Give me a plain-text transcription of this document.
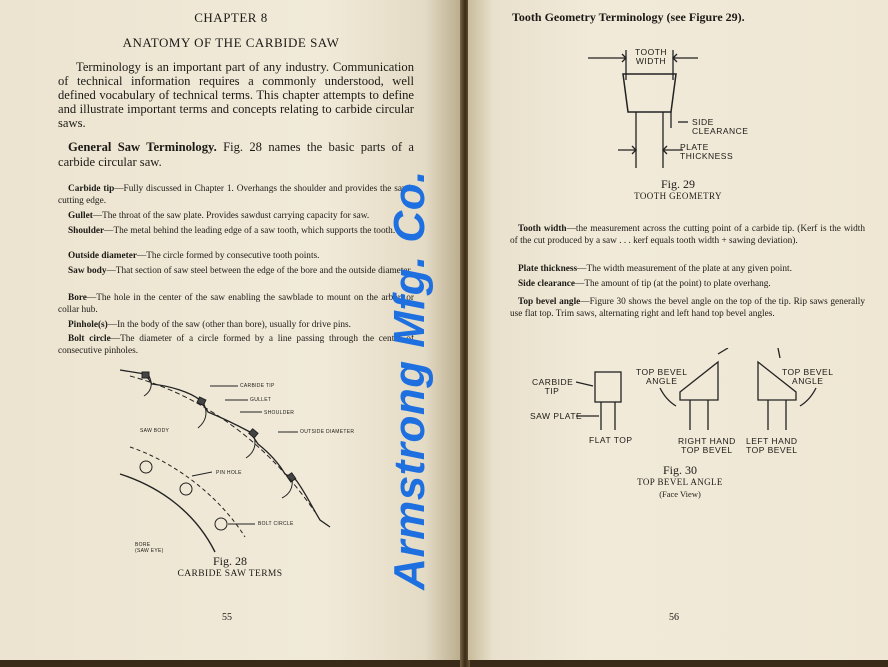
CHAPTER 8
ANATOMY OF THE CARBIDE SAW
Terminology is an important part of any industry. Communication of technical information requires a commonly understood, well defined vocabulary of technical terms. This chapter attempts to define and illustrate important terms and concepts relating to carbide circular saws.
General Saw Terminology. Fig. 28 names the basic parts of a carbide circular saw.
Carbide tip—Fully discussed in Chapter 1. Overhangs the shoulder and provides the saw's cutting edge.
Gullet—The throat of the saw plate. Provides sawdust carrying capacity for saw.
Shoulder—The metal behind the leading edge of a saw tooth, which supports the tooth.
Outside diameter—The circle formed by consecutive tooth points.
Saw body—That section of saw steel between the edge of the bore and the outside diameter.
Bore—The hole in the center of the saw enabling the sawblade to mount on the arbor, or collar hub.
Pinhole(s)—In the body of the saw (other than bore), usually for drive pins.
Bolt circle—The diameter of a circle formed by a line passing through the center of consecutive pinholes.
CARBIDE TIP
GULLET
SHOULDER
OUTSIDE DIAMETER
SAW BODY
PIN HOLE
BOLT CIRCLE
BORE
(SAW EYE)
Fig. 28
CARBIDE SAW TERMS
55
Tooth Geometry Terminology (see Figure 29).
TOOTH
WIDTH
SIDE
CLEARANCE
PLATE
THICKNESS
Fig. 29
TOOTH GEOMETRY
Tooth width—the measurement across the cutting point of a carbide tip. (Kerf is the width of the cut produced by a saw . . . kerf equals tooth width + sawing deviation).
Plate thickness—The width measurement of the plate at any given point.
Side clearance—The amount of tip (at the point) to plate overhang.
Top bevel angle—Figure 30 shows the bevel angle on the top of the tip. Rip saws generally use flat top. Trim saws, alternating right and left hand top bevel angles.
CARBIDE
TIP
SAW PLATE
FLAT TOP
TOP BEVEL
ANGLE
TOP BEVEL
ANGLE
RIGHT HAND
TOP BEVEL
LEFT HAND
TOP BEVEL
Fig. 30
TOP BEVEL ANGLE
(Face View)
56
Armstrong Mfg. Co.
